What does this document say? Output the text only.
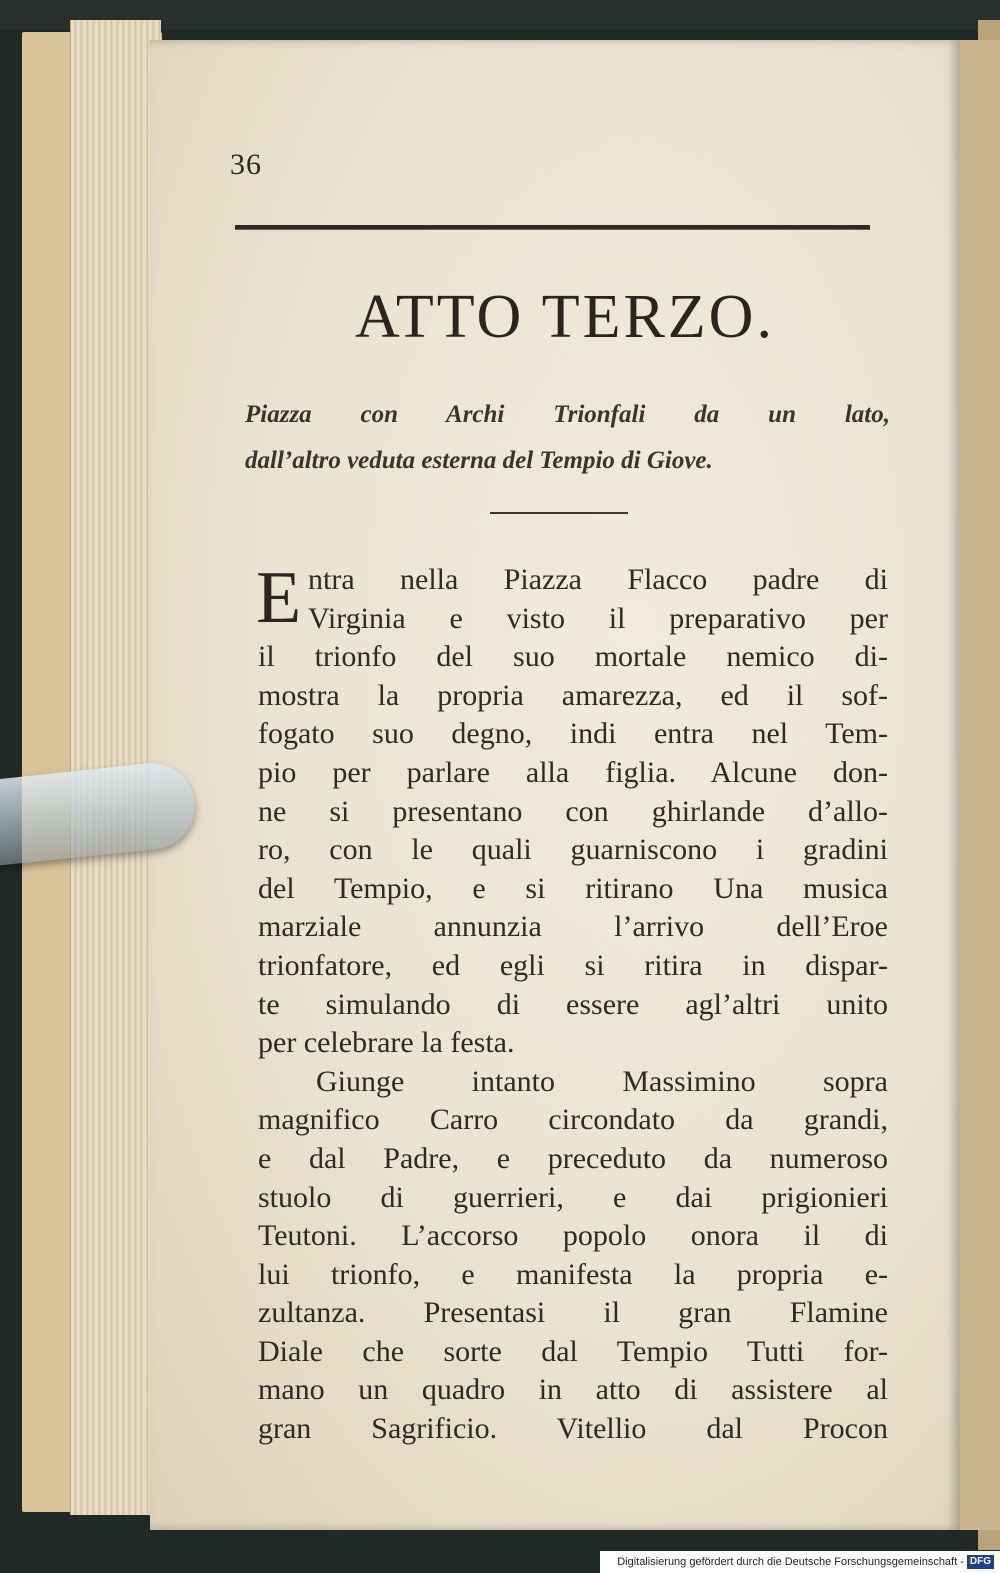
36
ATTO TERZO.
Piazza con Archi Trionfali da un lato,
dall’altro veduta esterna del Tempio di Giove.
E ntra nella Piazza Flacco padre di
Virginia e visto il preparativo per
il trionfo del suo mortale nemico di-
mostra la propria amarezza, ed il sof-
fogato suo degno, indi entra nel Tem-
pio per parlare alla figlia. Alcune don-
ne si presentano con ghirlande d’allo-
ro, con le quali guarniscono i gradini
del Tempio, e si ritirano Una musica
marziale annunzia l’arrivo dell’Eroe
trionfatore, ed egli si ritira in dispar-
te simulando di essere agl’altri unito
per celebrare la festa.
Giunge intanto Massimino sopra
magnifico Carro circondato da grandi,
e dal Padre, e preceduto da numeroso
stuolo di guerrieri, e dai prigionieri
Teutoni. L’accorso popolo onora il di
lui trionfo, e manifesta la propria e-
zultanza. Presentasi il gran Flamine
Diale che sorte dal Tempio Tutti for-
mano un quadro in atto di assistere al
gran Sagrificio. Vitellio dal Procon
Digitalisierung gefördert durch die Deutsche Forschungsgemeinschaft - DFG
